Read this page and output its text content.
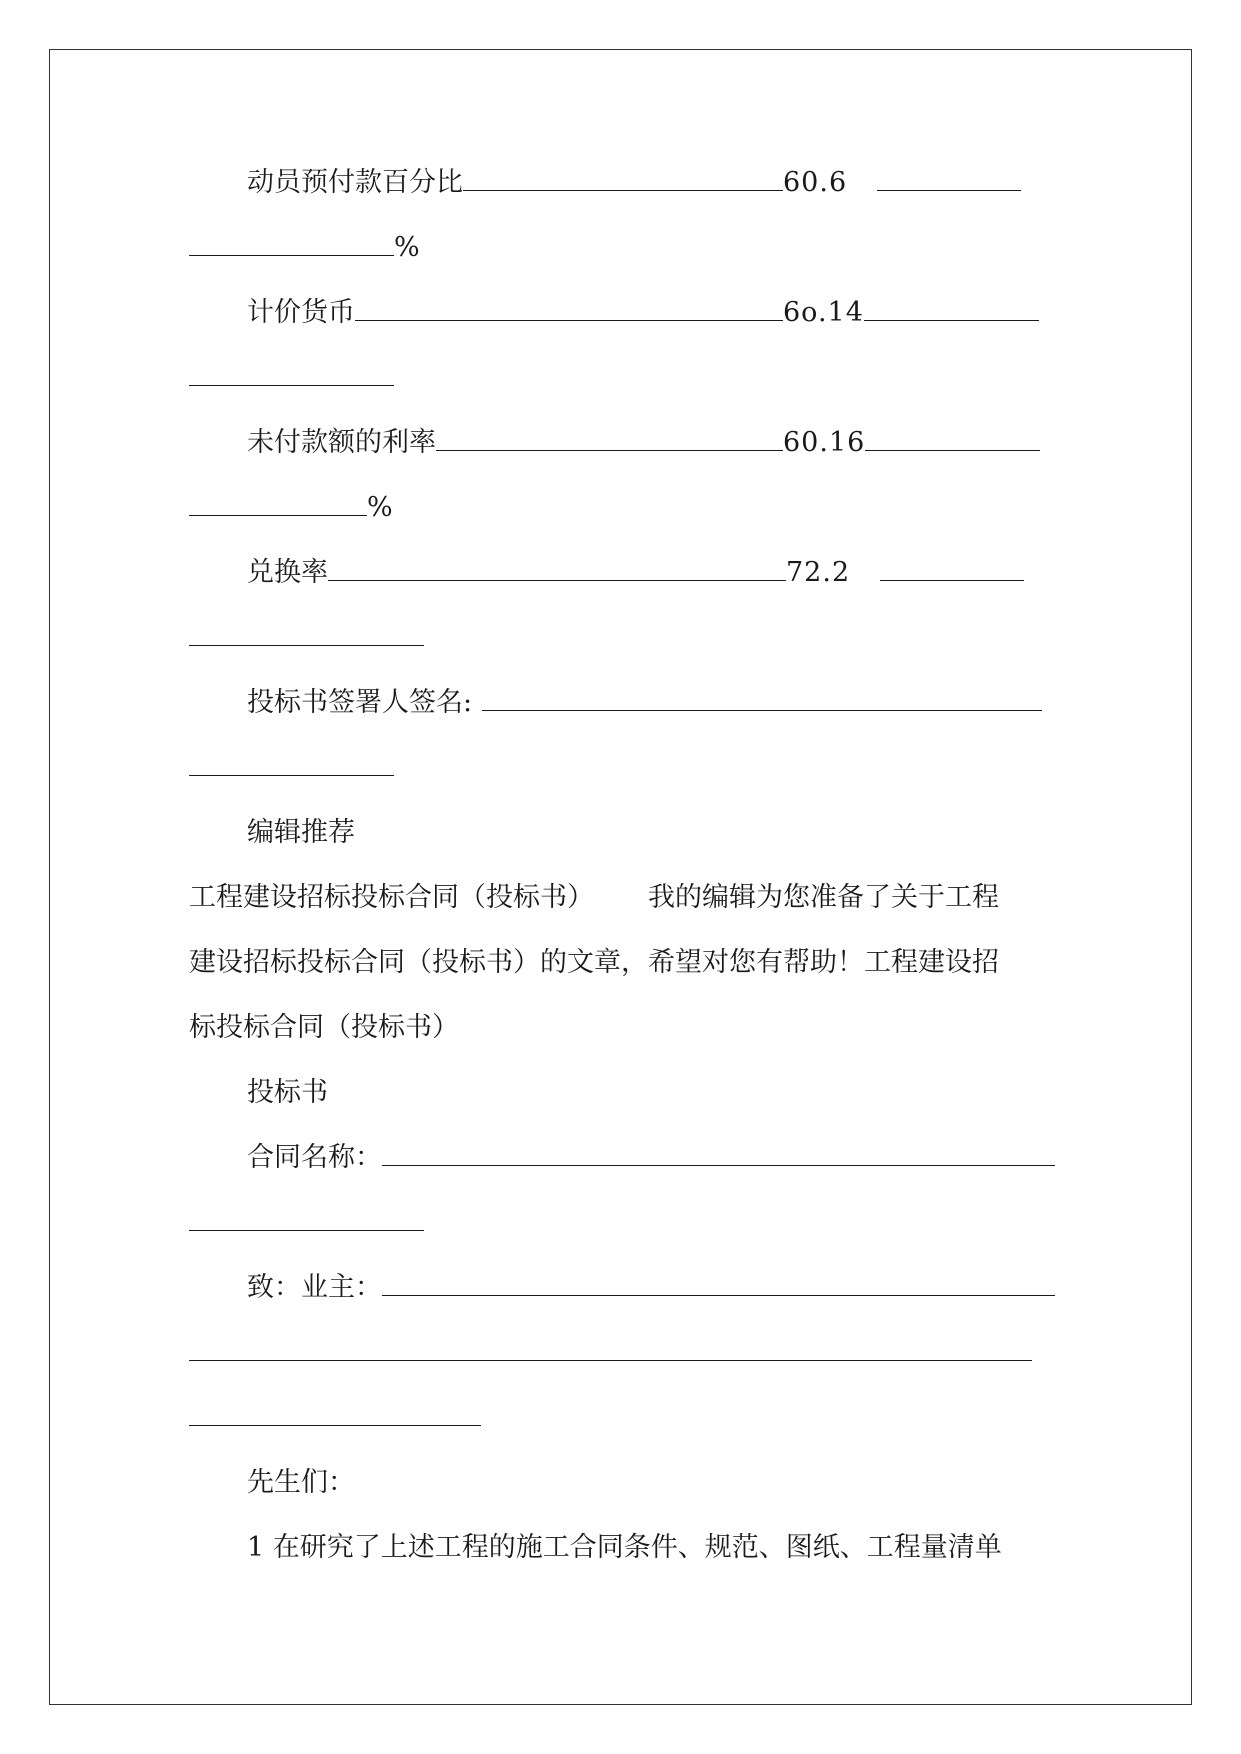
动员预付款百分比	60.6
%
计价货币	6o.14
未付款额的利率	60.16
%
兑换率	72.2
投标书签署人签名:
编辑推荐
工程建设招标投标合同（投标书） 我的编辑为您准备了关于工程
建设招标投标合同（投标书）的文章，希望对您有帮助！工程建设招
标投标合同（投标书）
投标书
合同名称：
致：业主：
先生们：
1 在研究了上述工程的施工合同条件、规范、图纸、工程量清单
